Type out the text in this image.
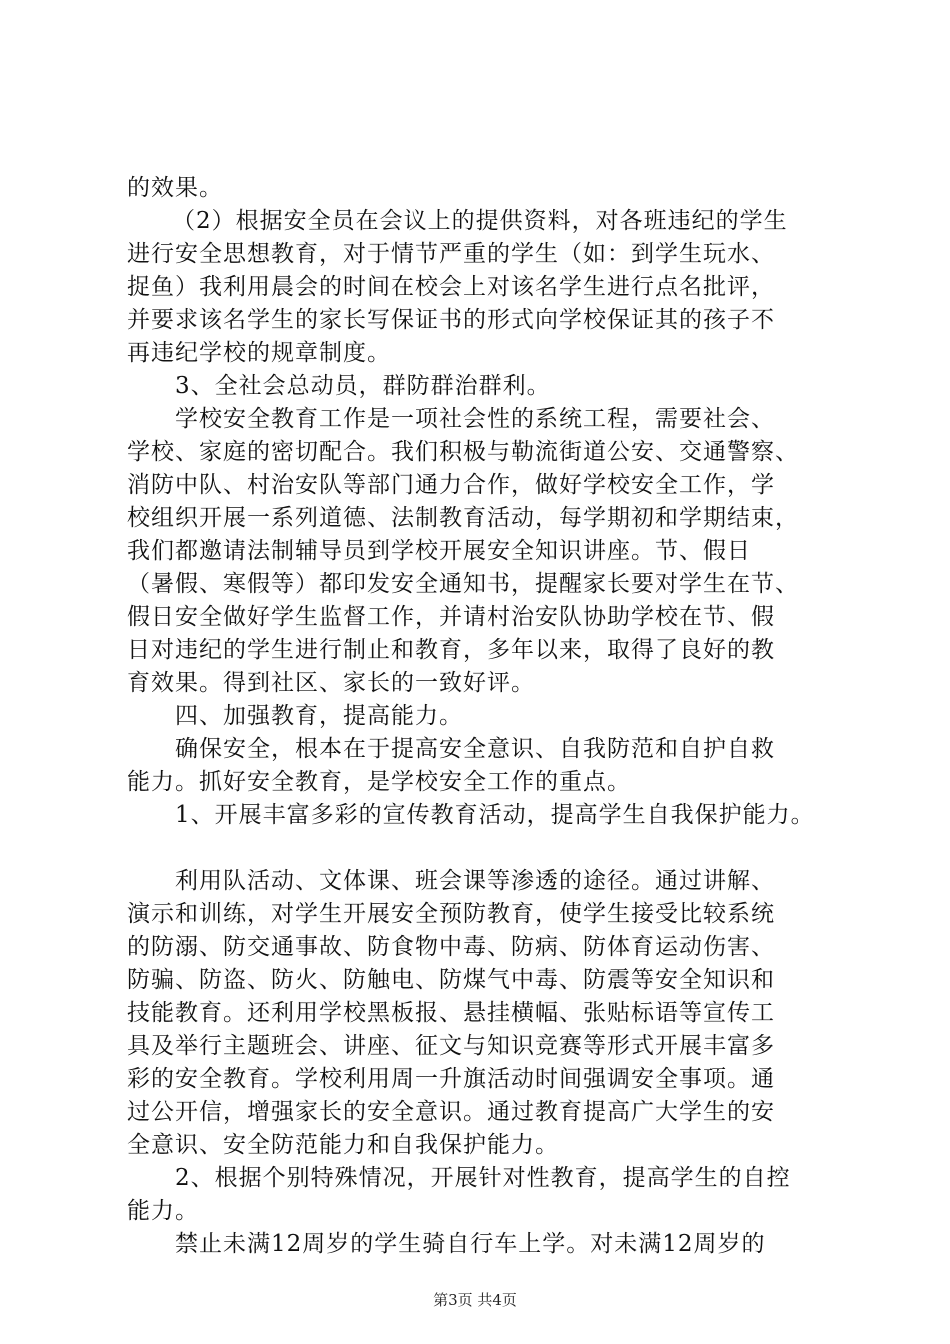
的效果。

（2）根据安全员在会议上的提供资料，对各班违纪的学生

进行安全思想教育，对于情节严重的学生（如：到学生玩水、

捉鱼）我利用晨会的时间在校会上对该名学生进行点名批评，

并要求该名学生的家长写保证书的形式向学校保证其的孩子不

再违纪学校的规章制度。

3、全社会总动员，群防群治群利。

学校安全教育工作是一项社会性的系统工程，需要社会、

学校、家庭的密切配合。我们积极与勒流街道公安、交通警察、

消防中队、村治安队等部门通力合作，做好学校安全工作，学

校组织开展一系列道德、法制教育活动，每学期初和学期结束，

我们都邀请法制辅导员到学校开展安全知识讲座。节、假日

（暑假、寒假等）都印发安全通知书，提醒家长要对学生在节、

假日安全做好学生监督工作，并请村治安队协助学校在节、假

日对违纪的学生进行制止和教育，多年以来，取得了良好的教

育效果。得到社区、家长的一致好评。

四、加强教育，提高能力。

确保安全，根本在于提高安全意识、自我防范和自护自救

能力。抓好安全教育，是学校安全工作的重点。

1、开展丰富多彩的宣传教育活动，提高学生自我保护能力。

利用队活动、文体课、班会课等渗透的途径。通过讲解、

演示和训练，对学生开展安全预防教育，使学生接受比较系统

的防溺、防交通事故、防食物中毒、防病、防体育运动伤害、

防骗、防盗、防火、防触电、防煤气中毒、防震等安全知识和

技能教育。还利用学校黑板报、悬挂横幅、张贴标语等宣传工

具及举行主题班会、讲座、征文与知识竞赛等形式开展丰富多

彩的安全教育。学校利用周一升旗活动时间强调安全事项。通

过公开信，增强家长的安全意识。通过教育提高广大学生的安

全意识、安全防范能力和自我保护能力。

2、根据个别特殊情况，开展针对性教育，提高学生的自控

能力。

禁止未满12周岁的学生骑自行车上学。对未满12周岁的

第3页 共4页
